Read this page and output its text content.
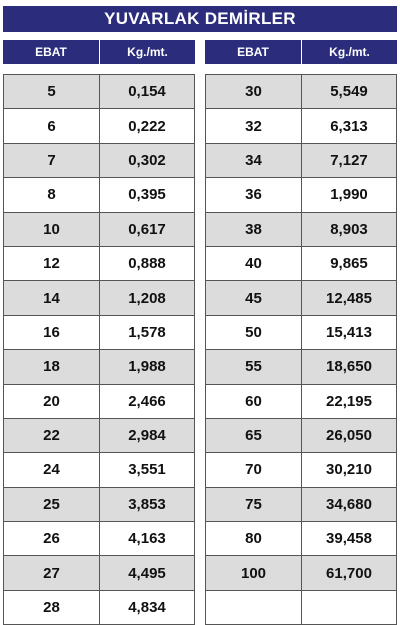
YUVARLAK DEMİRLER
EBAT	Kg./mt.
5	0,154
6	0,222
7	0,302
8	0,395
10	0,617
12	0,888
14	1,208
16	1,578
18	1,988
20	2,466
22	2,984
24	3,551
25	3,853
26	4,163
27	4,495
28	4,834
EBAT	Kg./mt.
30	5,549
32	6,313
34	7,127
36	1,990
38	8,903
40	9,865
45	12,485
50	15,413
55	18,650
60	22,195
65	26,050
70	30,210
75	34,680
80	39,458
100	61,700
